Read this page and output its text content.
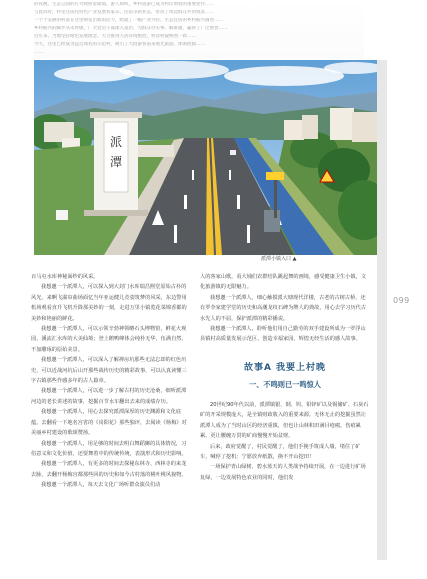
的夜晚，生态公园的灯火映照着湖面，游人如织，乡村旅游已成为村民增收的重要途径……
与此同时，村里还依托特色产业发展农家乐、民宿等新业态，带动了周边群众共同致富……
一个个美丽的村落在这里焕发出新的活力，绘就了一幅产业兴旺、生态宜居的乡村振兴画卷……
乡村振兴的脚步从未停歇，广大党员干部深入基层，为群众办实事、解难题，赢得了广泛赞誉……
近年来，当地坚持绿色发展理念，大力推进人居环境整治，村容村貌焕然一新……
今天，这里已经成为远近闻名的示范村，吸引了大批游客前来观光旅游、休闲度假……
……
派
潭
派潭小镇入口 ▲
099

百马屯水库神秘面纱的风采。

我想邀一个派潭人，可以探入到大封门水库瑞昌熙堂原始古朴的风光，来啊飞瀑帘曲场面忆当年亚运健儿竞姿筑梦的风采，东边警用机场观看直升飞机升降那美妙的一刻，走进万里小镇览花菜锦香都的美妙和艳丽的鲜花。

我想邀一个派潭人，可以示领辛勃神领略石头博物馆，鲜花大观园、溪流汇水库的大美仙境；登上鹅鸭峰体会纯朴无华、伍满自然、不加雕琢的原始美景。

我想邀一个派潭人，可以深入了解禅房坑那些无法忘却的红色历史，可以近战河坑后山开那些战传历史的精彩故事，可以认真读懂三字古镇那些作感多年的古人篇章。

我想邀一个派潭人，可以进一步了解古村的历史沧桑，细听派潭河边的老长讲述的故事，挖掘百节水车翻出去来的成绩存历。

我想邀一个派潭人，用心去探究派潭深厚的历史渊源和文化底蕴。去翻看一下地名宫省的《岗阳花》那些独评，去阅读《杨梅》对美丽乡村建设的歌颂赞扬。

我想邀一个派潭人，用足够的时间去明白舞蹈狮的具体情况，习俗意义和文化价值，还要舞着中的传统传统，表演形式和历史影响。

我想邀一个派潭人，有更多的时间去探秘东林寺、西林寺的来龙去脉，去翻开杨梅宫都那些回的历史和如今古村落的桃叶桃风貌物。

我想邀一个派潭人，每天去文化广场听群众演员们动

人的客家山歌，看大埔们农群结队跳起舞的画境，感受健康卫生小镇，文化旅游镇的无限魅力。

我想邀一个派潭人，细心触摸派大塘现代洋楼，古老的古树古桥，还有罗伞家建学堂的历史和高潮龙纹石碑为牌人的典故，用心去学习历代古水先人的不屈，保护派潭的精彩播说。

我想邀一个派潭人，聆听他们用自己勤劳的双手建设所成为一罗浮山县镇村高质量发展示范区、创造幸福家园，辉煌无经生活的感人故事。

故事A 我要上村晚
一、不鸣则已一鸣惊人

20世纪90年代以前，派潭镇银、钢、钨、铅锌矿以及锡储矿、石灰石矿的开采规模庞大，是全镇财政收入的重要来源。无休无止的挖掘虽然让派潭人成为了当时山区的经济重镇，但也让山林积田满目疮痍，伤痕累累，更让腰缠万贯的矿商慢慢开始盆财。

后来，政府觉醒了，村民觉醒了，他们手挽手筑成人墙，堵住了矿车，喊停了挖机：宁愿放弃纸散，换不开山挖田！

一场保护青山绿树、碧水蓝天的人类战争持续开展，在一边进行矿场复绿，一边发展特色农业的同时，他们发
